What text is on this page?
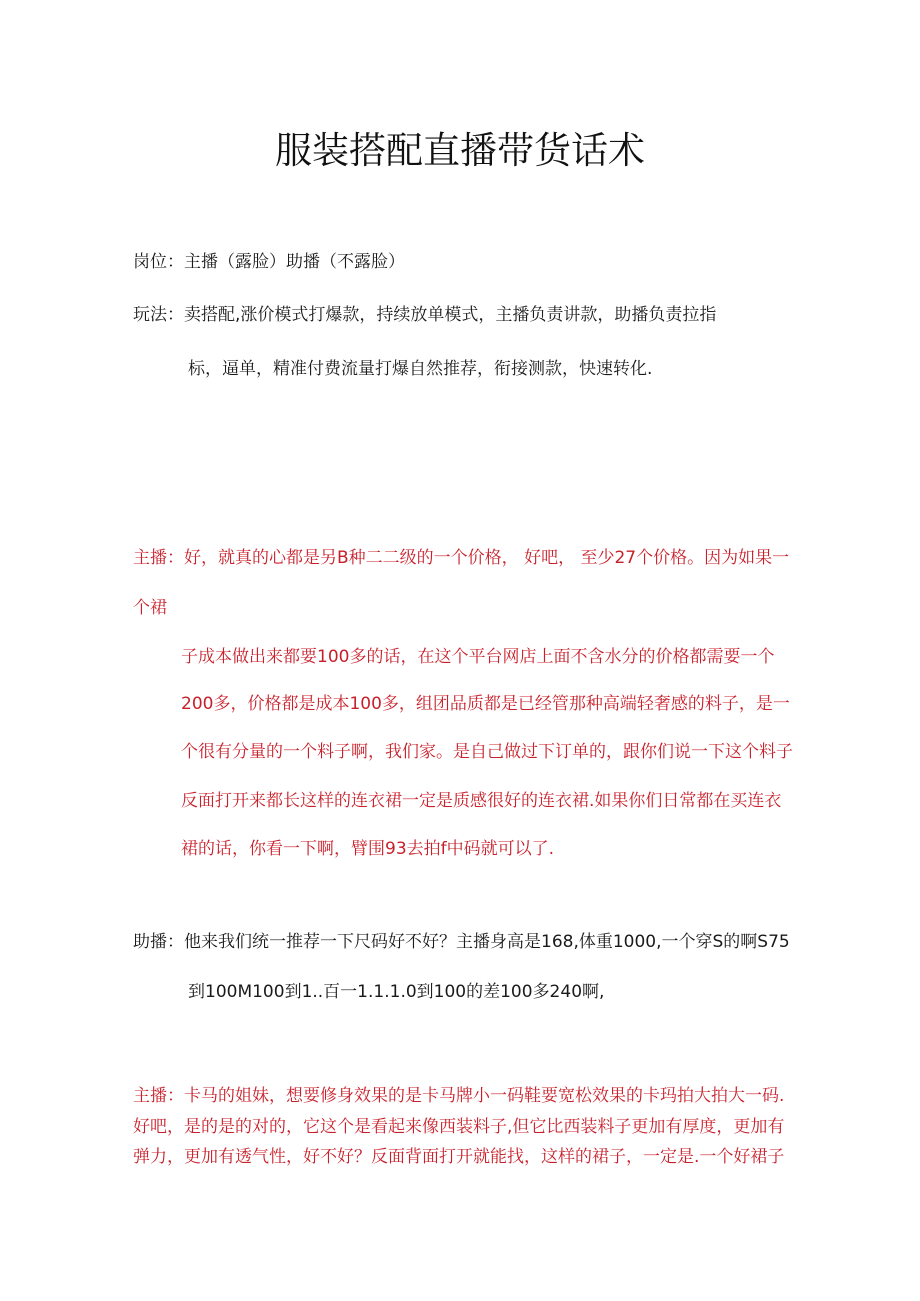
服装搭配直播带货话术
岗位：主播（露脸）助播（不露脸）
玩法：卖搭配,涨价模式打爆款，持续放单模式，主播负责讲款，助播负责拉指
标，逼单，精准付费流量打爆自然推荐，衔接测款，快速转化.
主播：好，就真的心都是另B种二二级的一个价格， 好吧， 至少27个价格。因为如果一
个裙
子成本做出来都要100多的话，在这个平台网店上面不含水分的价格都需要一个
200多，价格都是成本100多，组团品质都是已经管那种高端轻奢感的料子，是一
个很有分量的一个料子啊，我们家。是自己做过下订单的，跟你们说一下这个料子
反面打开来都长这样的连衣裙一定是质感很好的连衣裙.如果你们日常都在买连衣
裙的话，你看一下啊，臂围93去拍f中码就可以了.
助播：他来我们统一推荐一下尺码好不好？主播身高是168,体重1000,一个穿S的啊S75
到100M100到1..百一1.1.1.0到100的差100多240啊,
主播：卡马的姐妹，想要修身效果的是卡马牌小一码鞋要宽松效果的卡玛拍大拍大一码.
好吧，是的是的对的，它这个是看起来像西装料子,但它比西装料子更加有厚度，更加有
弹力，更加有透气性，好不好？反面背面打开就能找，这样的裙子，一定是.一个好裙子
